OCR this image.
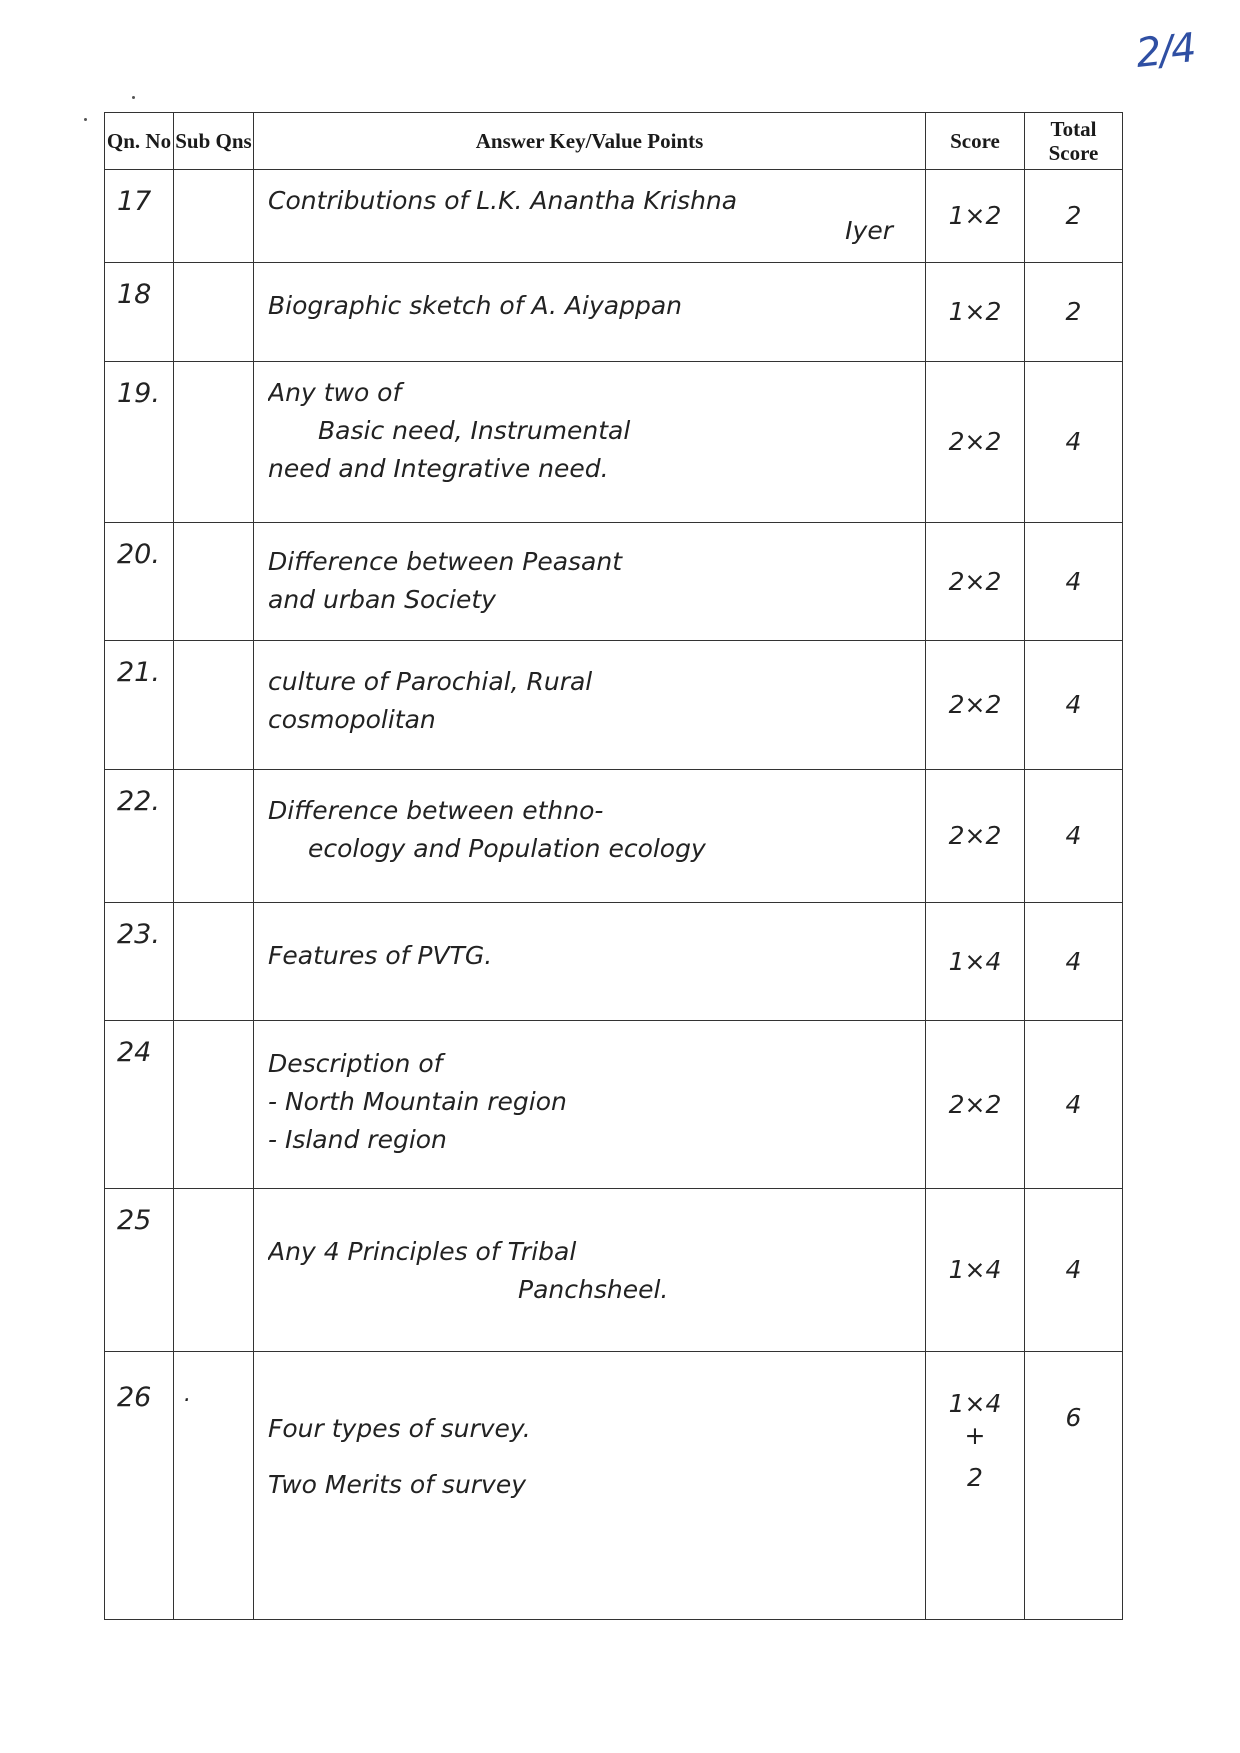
2/4
Qn. No	Sub Qns	Answer Key/Value Points	Score	Total Score
17		Contributions of L.K. Anantha Krishna
Iyer	1×2	2

18		Biographic sketch of A. Aiyappan	1×2	2

19.		Any two of
Basic need, Instrumental
need and Integrative need.	2×2	4

20.		Difference between Peasant
and urban Society	2×2	4

21.		culture of Parochial, Rural
cosmopolitan	2×2	4

22.		Difference between ethno-
ecology and Population ecology	2×2	4

23.		Features of PVTG.	1×4	4

24		Description of
- North Mountain region
- Island region	2×2	4

25		Any 4 Principles of Tribal
Panchsheel.	1×4	4

26	.	Four types of survey.
Two Merits of survey	1×4
+
2	6
